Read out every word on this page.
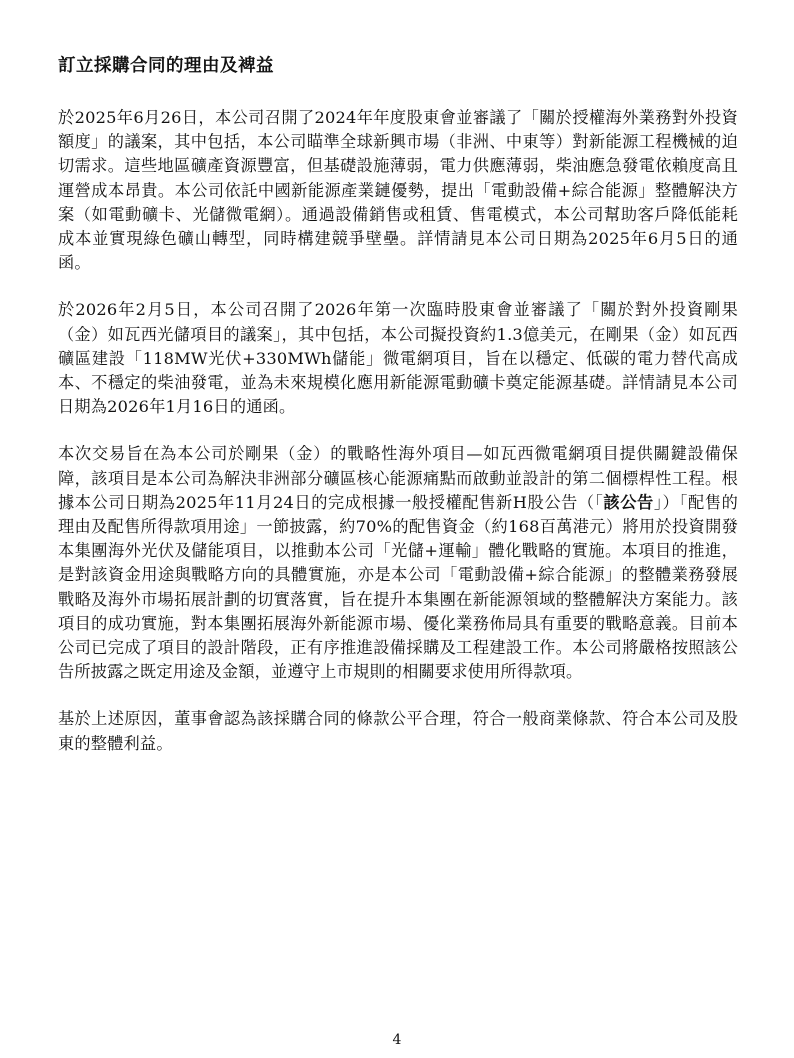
訂立採購合同的理由及裨益

於2025年6月26日，本公司召開了2024年年度股東會並審議了「關於授權海外業務對外投資額度」的議案，其中包括，本公司瞄準全球新興市場（非洲、中東等）對新能源工程機械的迫切需求。這些地區礦產資源豐富，但基礎設施薄弱，電力供應薄弱，柴油應急發電依賴度高且運營成本昂貴。本公司依託中國新能源產業鏈優勢，提出「電動設備+綜合能源」整體解決方案（如電動礦卡、光儲微電網）。通過設備銷售或租賃、售電模式，本公司幫助客戶降低能耗成本並實現綠色礦山轉型，同時構建競爭壁壘。詳情請見本公司日期為2025年6月5日的通函。

於2026年2月5日，本公司召開了2026年第一次臨時股東會並審議了「關於對外投資剛果（金）如瓦西光儲項目的議案」，其中包括，本公司擬投資約1.3億美元，在剛果（金）如瓦西礦區建設「118MW光伏+330MWh儲能」微電網項目，旨在以穩定、低碳的電力替代高成本、不穩定的柴油發電，並為未來規模化應用新能源電動礦卡奠定能源基礎。詳情請見本公司日期為2026年1月16日的通函。

本次交易旨在為本公司於剛果（金）的戰略性海外項目—如瓦西微電網項目提供關鍵設備保障，該項目是本公司為解決非洲部分礦區核心能源痛點而啟動並設計的第二個標桿性工程。根據本公司日期為2025年11月24日的完成根據一般授權配售新H股公告（「該公告」）「配售的理由及配售所得款項用途」一節披露，約70%的配售資金（約168百萬港元）將用於投資開發本集團海外光伏及儲能項目，以推動本公司「光儲+運輸」體化戰略的實施。本項目的推進，是對該資金用途與戰略方向的具體實施，亦是本公司「電動設備+綜合能源」的整體業務發展戰略及海外市場拓展計劃的切實落實，旨在提升本集團在新能源領域的整體解決方案能力。該項目的成功實施，對本集團拓展海外新能源市場、優化業務佈局具有重要的戰略意義。目前本公司已完成了項目的設計階段，正有序推進設備採購及工程建設工作。本公司將嚴格按照該公告所披露之既定用途及金額，並遵守上市規則的相關要求使用所得款項。

基於上述原因，董事會認為該採購合同的條款公平合理，符合一般商業條款、符合本公司及股東的整體利益。

4
